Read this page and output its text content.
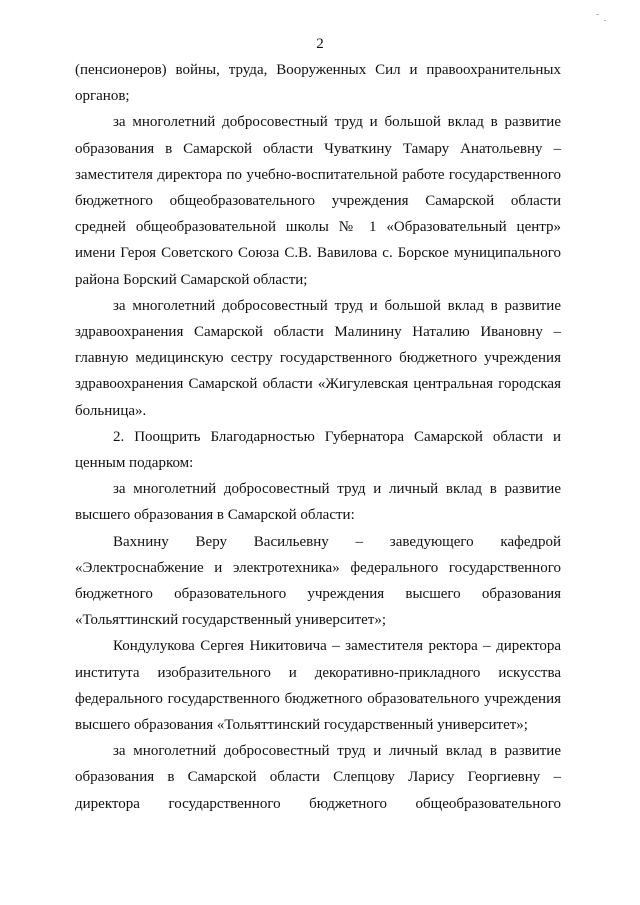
2

(пенсионеров) войны, труда, Вооруженных Сил и правоохранительных органов;

за многолетний добросовестный труд и большой вклад в развитие образования в Самарской области Чуваткину Тамару Анатольевну – заместителя директора по учебно-воспитательной работе государственного бюджетного общеобразовательного учреждения Самарской области средней общеобразовательной школы № 1 «Образовательный центр» имени Героя Советского Союза С.В. Вавилова с. Борское муниципального района Борский Самарской области;

за многолетний добросовестный труд и большой вклад в развитие здравоохранения Самарской области Малинину Наталию Ивановну – главную медицинскую сестру государственного бюджетного учреждения здравоохранения Самарской области «Жигулевская центральная городская больница».

2. Поощрить Благодарностью Губернатора Самарской области и ценным подарком:

за многолетний добросовестный труд и личный вклад в развитие высшего образования в Самарской области:

Вахнину Веру Васильевну – заведующего кафедрой «Электроснабжение и электротехника» федерального государственного бюджетного образовательного учреждения высшего образования «Тольяттинский государственный университет»;

Кондулукова Сергея Никитовича – заместителя ректора – директора института изобразительного и декоративно-прикладного искусства федерального государственного бюджетного образовательного учреждения высшего образования «Тольяттинский государственный университет»;

за многолетний добросовестный труд и личный вклад в развитие образования в Самарской области Слепцову Ларису Георгиевну – директора государственного бюджетного общеобразовательного
